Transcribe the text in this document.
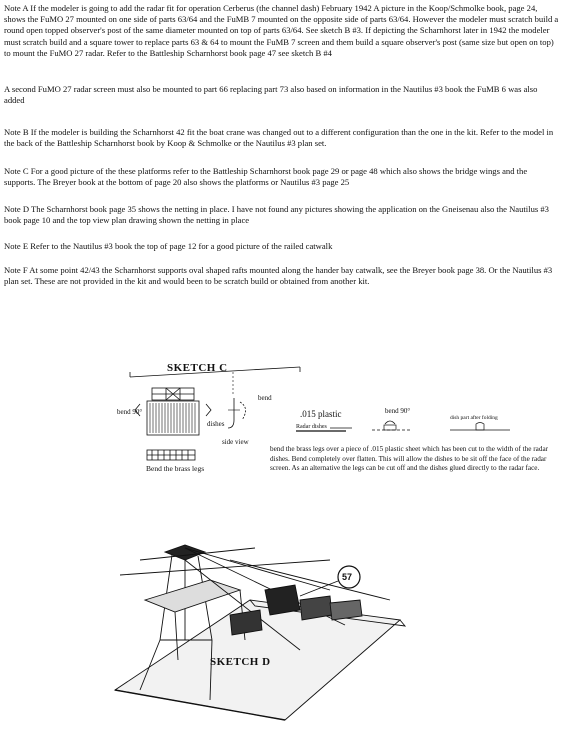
Note A If the modeler is going to add the radar fit for operation Cerberus (the channel dash) February 1942 A picture in the Koop/Schmolke book, page 24, shows the FuMO 27 mounted on one side of parts 63/64 and the FuMB 7 mounted on the opposite side of parts 63/64. However the modeler must scratch build a round open topped observer's post of the same diameter mounted on top of parts 63/64. See sketch B #3. If depicting the Scharnhorst later in 1942 the modeler must scratch build and a square tower to replace parts 63 & 64 to mount the FuMB 7 screen and them build a square observer's post (same size but open on top) to mount the FuMO 27 radar. Refer to the Battleship Scharnhorst book page 47 see sketch B #4
A second FuMO 27 radar screen must also be mounted to part 66 replacing part 73 also based on information in the Nautilus #3 book the FuMB 6 was also added
Note B If the modeler is building the Scharnhorst 42 fit the boat crane was changed out to a different configuration than the one in the kit. Refer to the model in the back of the Battleship Scharnhorst book by Koop & Schmolke or the Nautilus #3 plan set.
Note C For a good picture of the these platforms refer to the Battleship Scharnhorst book page 29 or page 48 which also shows the bridge wings and the supports. The Breyer book at the bottom of page 20 also shows the platforms or Nautilus #3 page 25
Note D The Scharnhorst book page 35 shows the netting in place. I have not found any pictures showing the application on the Gneisenau also the Nautilus #3 book page 10 and the top view plan drawing shown the netting in place
Note E Refer to the Nautilus #3 book the top of page 12 for a good picture of the railed catwalk
Note F At some point 42/43 the Scharnhorst supports oval shaped rafts mounted along the hander bay catwalk, see the Breyer book page 38. Or the Nautilus #3 plan set. These are not provided in the kit and would been to be scratch build or obtained from another kit.
SKETCH C
bend 90°
bend
dishes
side view
Bend the brass legs
.015 plastic
Radar dishes
bend 90°
dish part after folding
bend the brass legs over a piece of .015 plastic sheet which has been cut to the width of the radar dishes. Bend completely over flatten. This will allow the dishes to be sit off the face of the radar screen. As an alternative the legs can be cut off and the dishes glued directly to the radar face.
57
SKETCH D
